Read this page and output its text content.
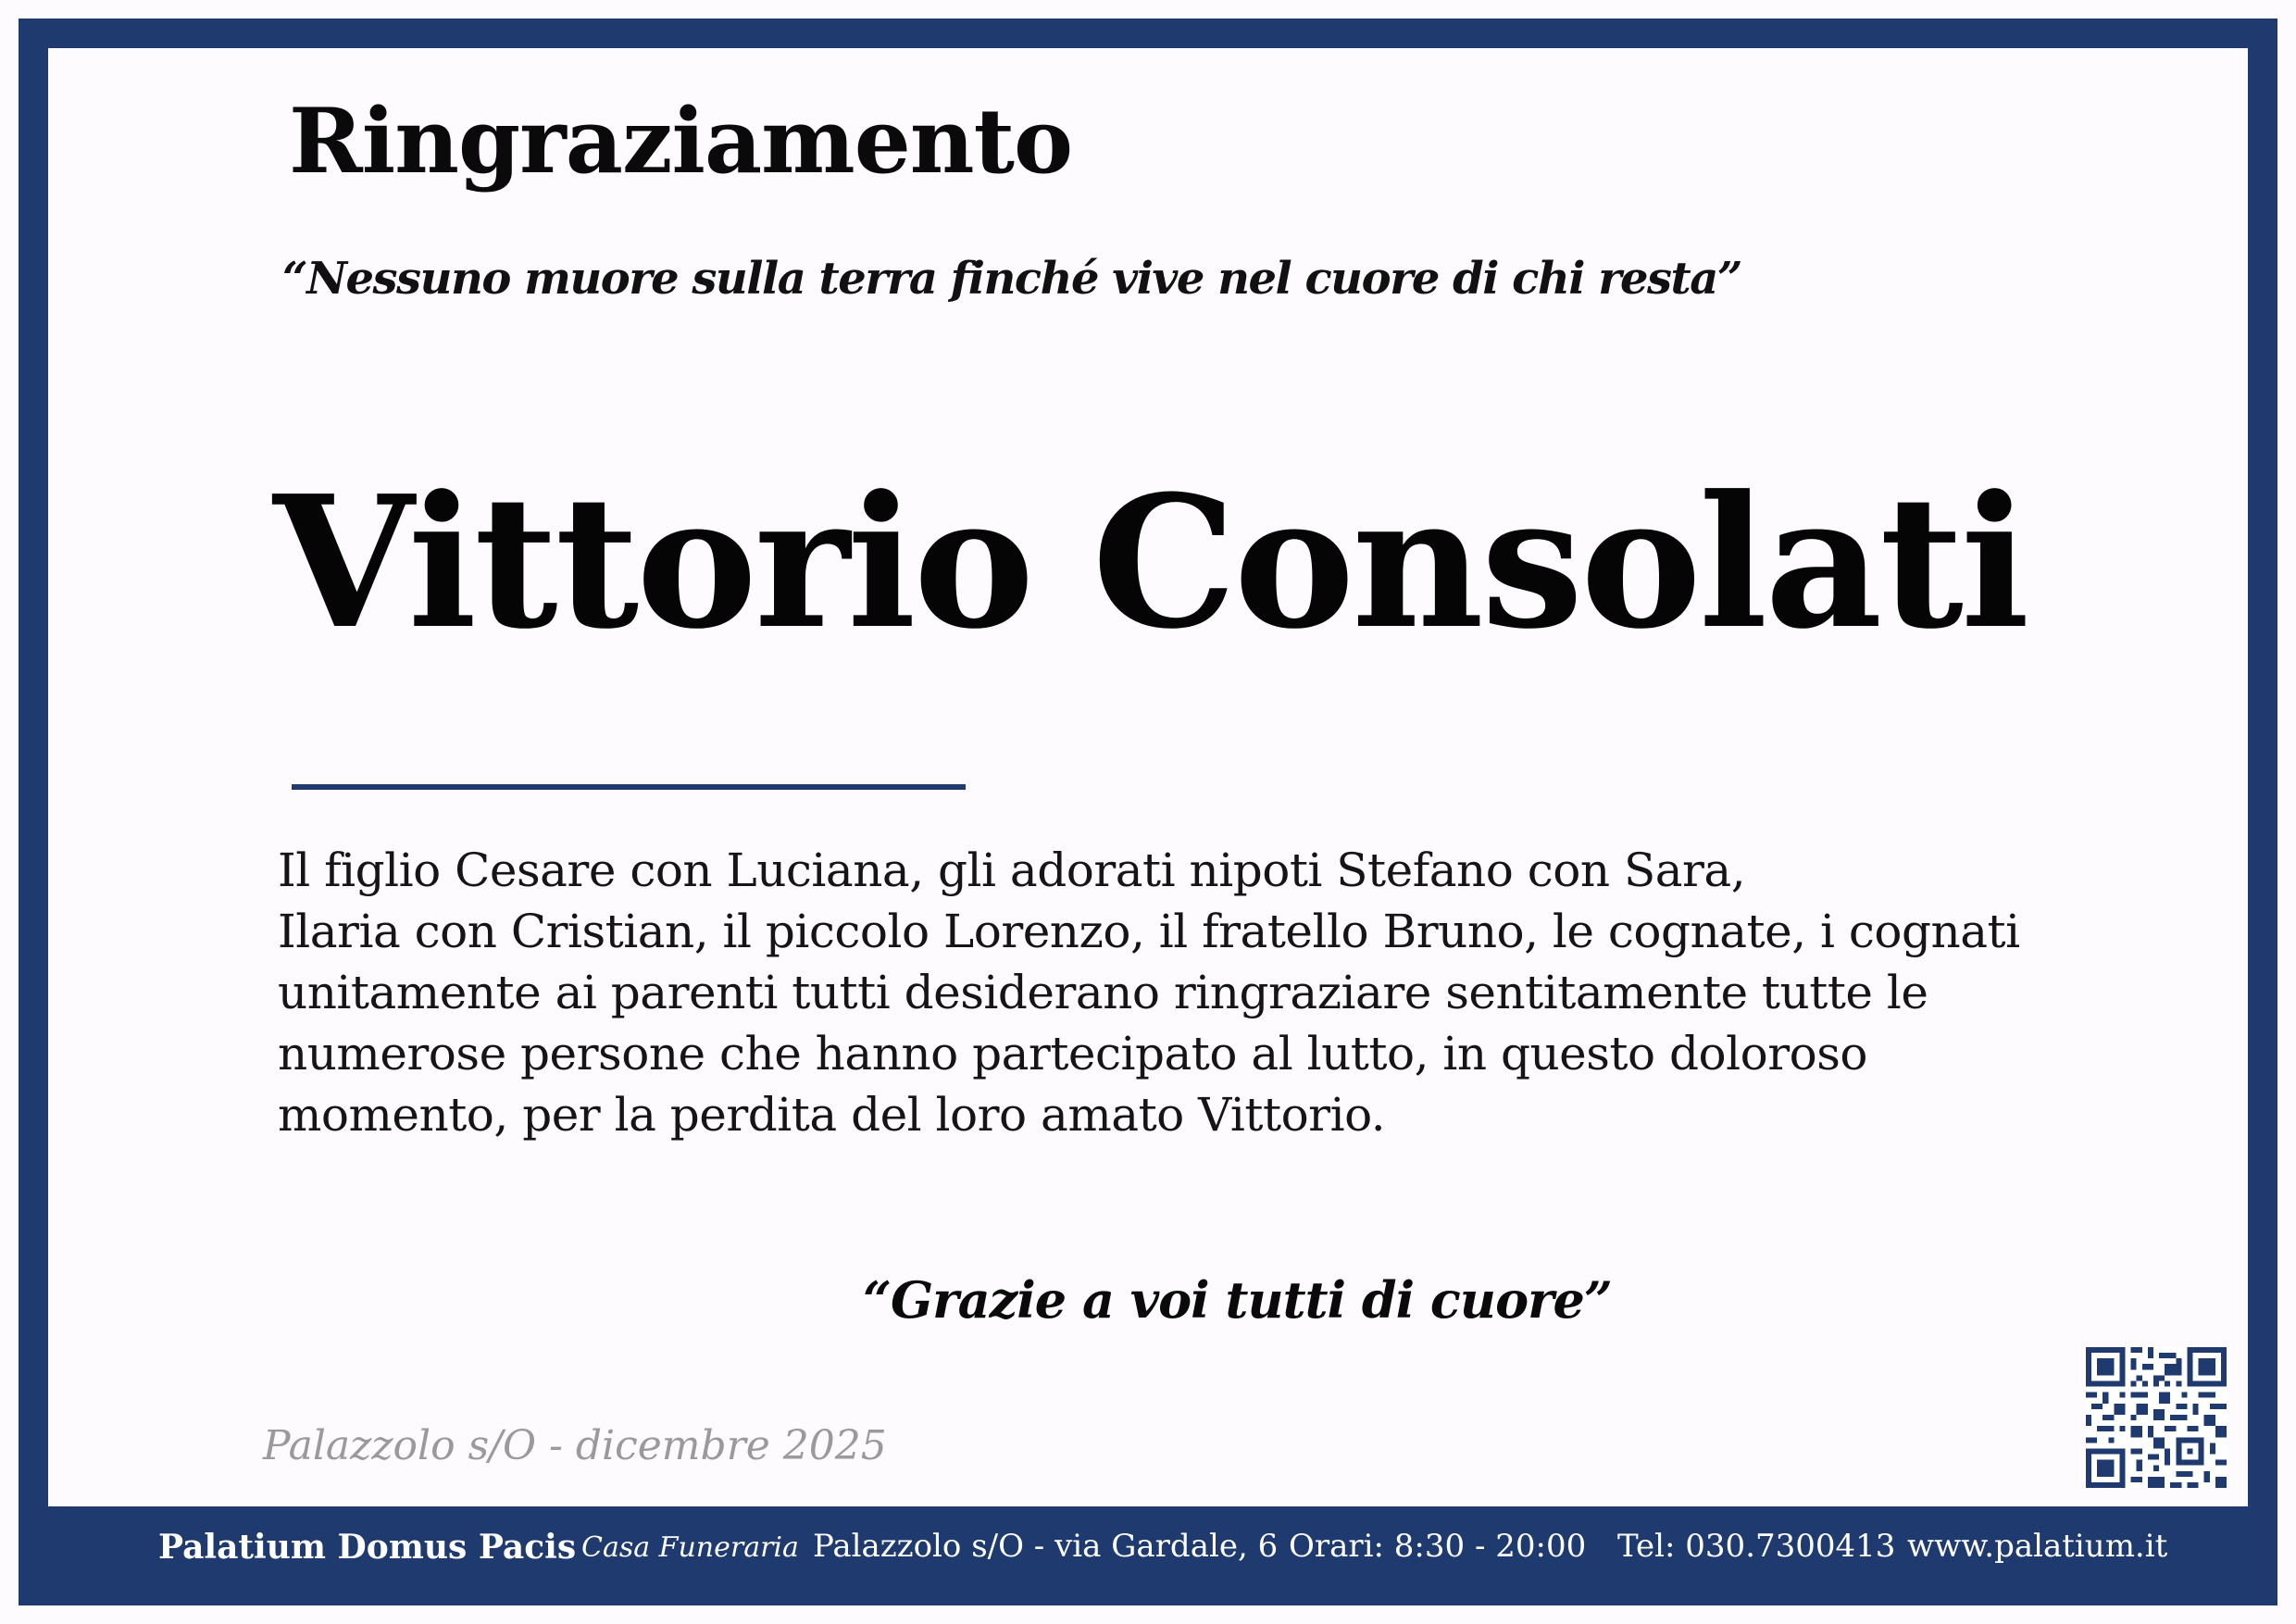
Ringraziamento
“Nessuno muore sulla terra finché vive nel cuore di chi resta”
Vittorio Consolati
Il figlio Cesare con Luciana, gli adorati nipoti Stefano con Sara,
Ilaria con Cristian, il piccolo Lorenzo, il fratello Bruno, le cognate, i cognati
unitamente ai parenti tutti desiderano ringraziare sentitamente tutte le
numerose persone che hanno partecipato al lutto, in questo doloroso
momento, per la perdita del loro amato Vittorio.
“Grazie a voi tutti di cuore”
Palazzolo s/O - dicembre 2025
Palatium Domus Pacis Casa Funeraria Palazzolo s/O - via Gardale, 6 Orari: 8:30 - 20:00 Tel: 030.7300413 www.palatium.it
